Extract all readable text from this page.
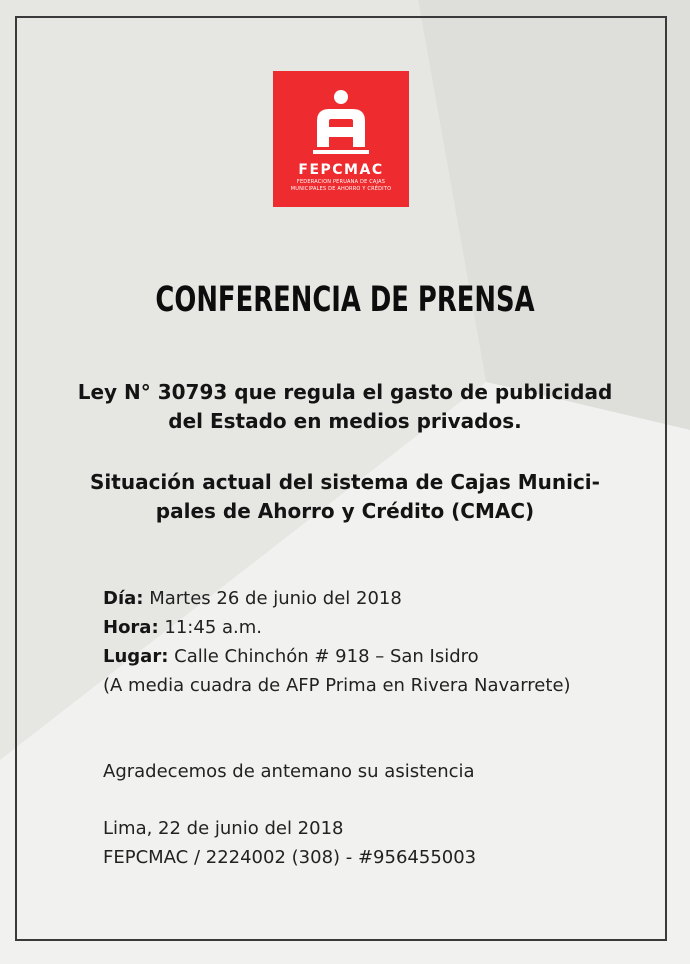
FEPCMAC
FEDERACION PERUANA DE CAJAS
MUNICIPALES DE AHORRO Y CRÉDITO
CONFERENCIA DE PRENSA
Ley N° 30793 que regula el gasto de publicidad
del Estado en medios privados.
Situación actual del sistema de Cajas Munici-
pales de Ahorro y Crédito (CMAC)
Día: Martes 26 de junio del 2018
Hora: 11:45 a.m.
Lugar: Calle Chinchón # 918 – San Isidro
(A media cuadra de AFP Prima en Rivera Navarrete)
Agradecemos de antemano su asistencia
Lima, 22 de junio del 2018
FEPCMAC / 2224002 (308) - #956455003
